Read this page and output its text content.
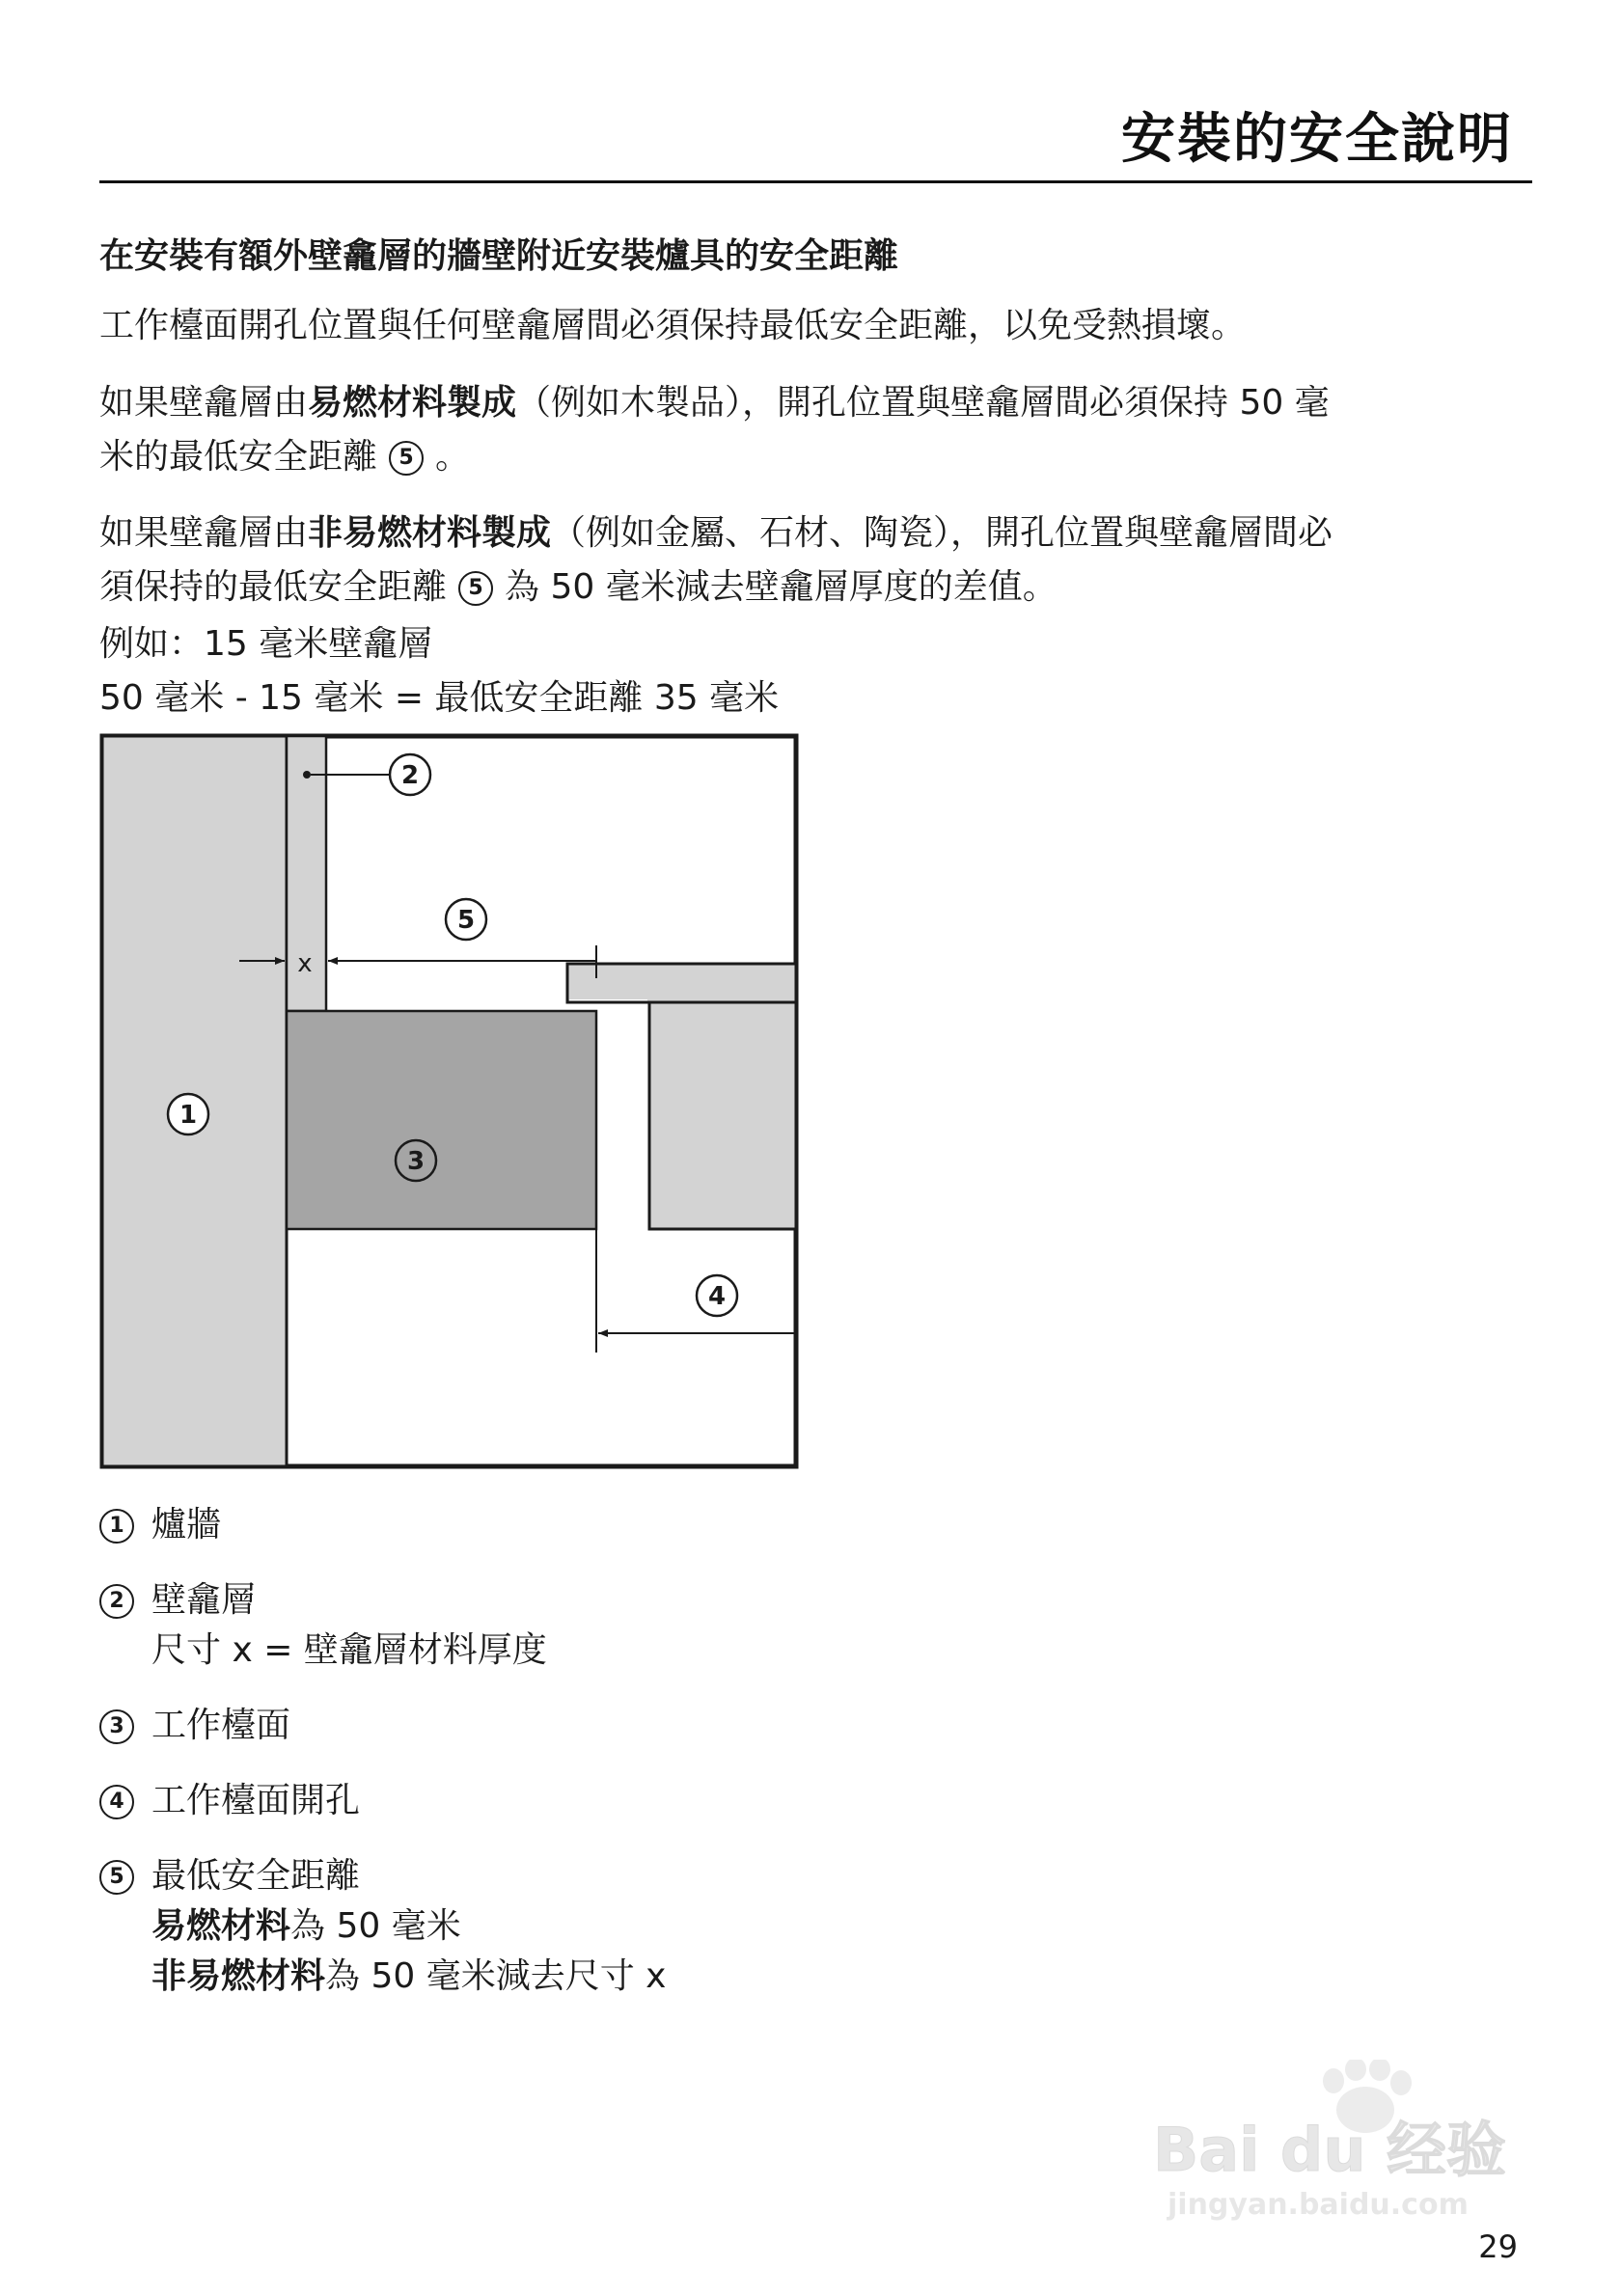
安裝的安全說明
在安裝有額外壁龕層的牆壁附近安裝爐具的安全距離
工作檯面開孔位置與任何壁龕層間必須保持最低安全距離，以免受熱損壞。
如果壁龕層由易燃材料製成（例如木製品），開孔位置與壁龕層間必須保持 50 毫
米的最低安全距離 5 。
如果壁龕層由非易燃材料製成（例如金屬、石材、陶瓷），開孔位置與壁龕層間必
須保持的最低安全距離 5 為 50 毫米減去壁龕層厚度的差值。
例如：15 毫米壁龕層
50 毫米 - 15 毫米 = 最低安全距離 35 毫米
2
x
5
1
3
4
1 爐牆
2 壁龕層
尺寸 x = 壁龕層材料厚度
3 工作檯面
4 工作檯面開孔
5 最低安全距離
易燃材料為 50 毫米
非易燃材料為 50 毫米減去尺寸 x
Bai du 经验
jingyan.baidu.com
29
